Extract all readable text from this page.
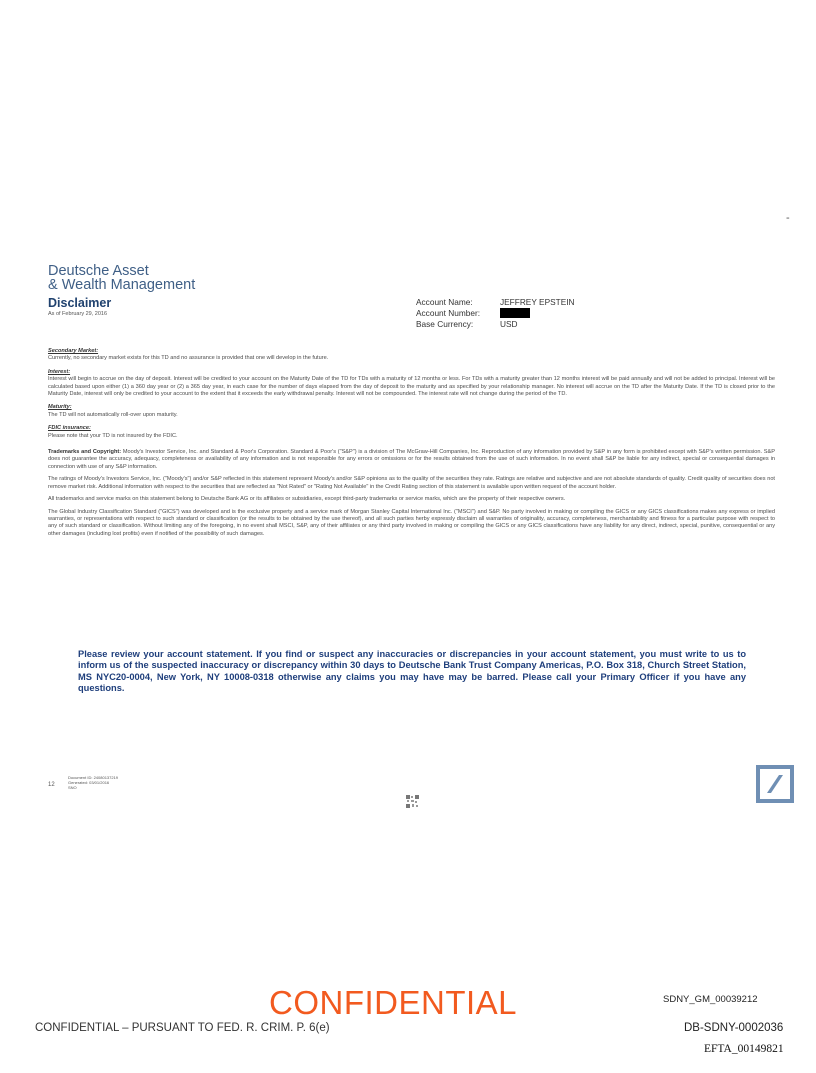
-
Deutsche Asset
& Wealth Management
Disclaimer
As of February 29, 2016
Account Name:	JEFFREY EPSTEIN
Account Number:
Base Currency:	USD
Secondary Market:
Currently, no secondary market exists for this TD and no assurance is provided that one will develop in the future.
Interest:
Interest will begin to accrue on the day of deposit. Interest will be credited to your account on the Maturity Date of the TD for TDs with a maturity of 12 months or less. For TDs with a maturity greater than 12 months interest will be paid annually and will not be added to principal. Interest will be calculated based upon either (1) a 360 day year or (2) a 365 day year, in each case for the number of days elapsed from the day of deposit to the maturity and as specified by your relationship manager. No interest will accrue on the TD after the Maturity Date. If the TD is closed prior to the Maturity Date, interest will only be credited to your account to the extent that it exceeds the early withdrawal penalty. Interest will not be compounded. The interest rate will not change during the period of the TD.
Maturity:
The TD will not automatically roll-over upon maturity.
FDIC insurance:
Please note that your TD is not insured by the FDIC.

Trademarks and Copyright: Moody's Investor Service, Inc. and Standard & Poor's Corporation. Standard & Poor's ("S&P") is a division of The McGraw-Hill Companies, Inc. Reproduction of any information provided by S&P in any form is prohibited except with S&P's written permission. S&P does not guarantee the accuracy, adequacy, completeness or availability of any information and is not responsible for any errors or omissions or for the results obtained from the use of such information. In no event shall S&P be liable for any indirect, special or consequential damages in connection with use of any S&P information.

The ratings of Moody's Investors Service, Inc. ("Moody's") and/or S&P reflected in this statement represent Moody's and/or S&P opinions as to the quality of the securities they rate. Ratings are relative and subjective and are not absolute standards of quality. Credit quality of securities does not remove market risk. Additional information with respect to the securities that are reflected as "Not Rated" or "Rating Not Available" in the Credit Rating section of this statement is available upon written request of the account holder.

All trademarks and service marks on this statement belong to Deutsche Bank AG or its affiliates or subsidiaries, except third-party trademarks or service marks, which are the property of their respective owners.

The Global Industry Classification Standard ("GICS") was developed and is the exclusive property and a service mark of Morgan Stanley Capital International Inc. ("MSCI") and S&P. No party involved in making or compiling the GICS or any GICS classifications makes any express or implied warranties, or representations with respect to such standard or classification (or the results to be obtained by the use thereof), and all such parties herby expressly disclaim all warranties of originality, accuracy, completeness, merchantability and fitness for a particular purpose with respect to any of such standard or classification. Without limiting any of the foregoing, in no event shall MSCI, S&P, any of their affiliates or any third party involved in making or compiling the GICS or any GICS classifications have any liability for any direct, indirect, special, punitive, consequential or any other damages (including lost profits) even if notified of the possibility of such damages.

Please review your account statement. If you find or suspect any inaccuracies or discrepancies in your account statement, you must write to us to inform us of the suspected inaccuracy or discrepancy within 30 days to Deutsche Bank Trust Company Americas, P.O. Box 318, Church Street Station, MS NYC20-0004, New York, NY 10008-0318 otherwise any claims you may have may be barred. Please call your Primary Officer if you have any questions.
12
Document ID: 24080137219
Generated: 03/01/2016
SNO
CONFIDENTIAL	SDNY_GM_00039212
CONFIDENTIAL – PURSUANT TO FED. R. CRIM. P. 6(e)	DB-SDNY-0002036
EFTA_00149821
